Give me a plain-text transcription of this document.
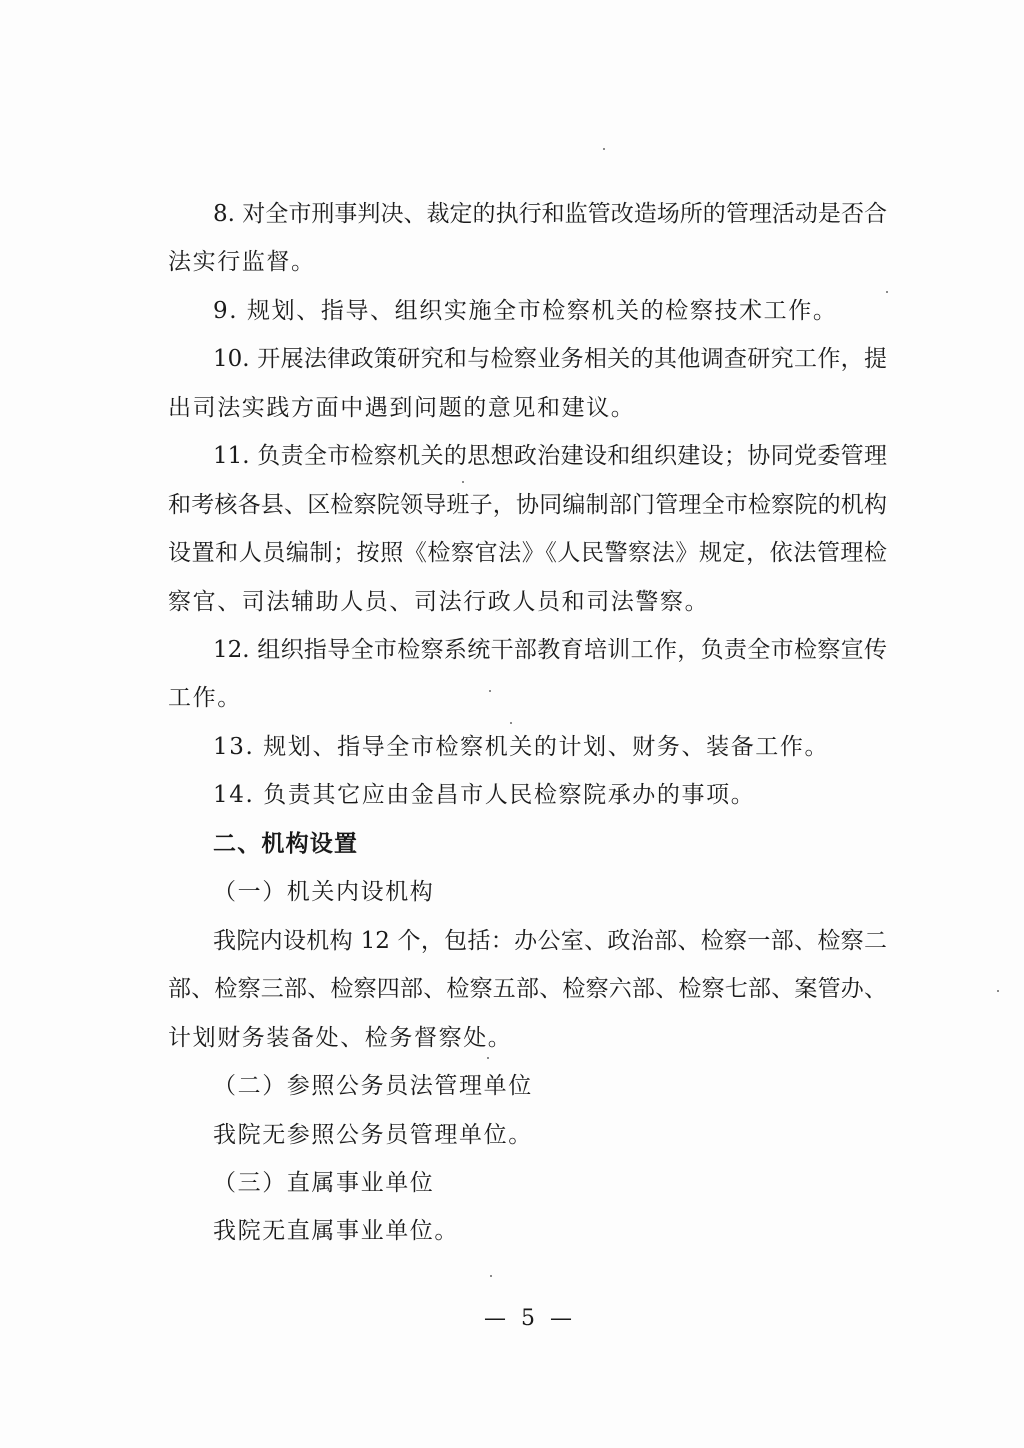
8. 对全市刑事判决、裁定的执行和监管改造场所的管理活动是否合
法实行监督。
9. 规划、指导、组织实施全市检察机关的检察技术工作。
10. 开展法律政策研究和与检察业务相关的其他调查研究工作，提
出司法实践方面中遇到问题的意见和建议。
11. 负责全市检察机关的思想政治建设和组织建设；协同党委管理
和考核各县、区检察院领导班子，协同编制部门管理全市检察院的机构
设置和人员编制；按照《检察官法》《人民警察法》规定，依法管理检
察官、司法辅助人员、司法行政人员和司法警察。
12. 组织指导全市检察系统干部教育培训工作，负责全市检察宣传
工作。
13. 规划、指导全市检察机关的计划、财务、装备工作。
14. 负责其它应由金昌市人民检察院承办的事项。
二、机构设置
（一）机关内设机构
我院内设机构 12 个，包括：办公室、政治部、检察一部、检察二
部、检察三部、检察四部、检察五部、检察六部、检察七部、案管办、
计划财务装备处、检务督察处。
（二）参照公务员法管理单位
我院无参照公务员管理单位。
（三）直属事业单位
我院无直属事业单位。
— 5 —
